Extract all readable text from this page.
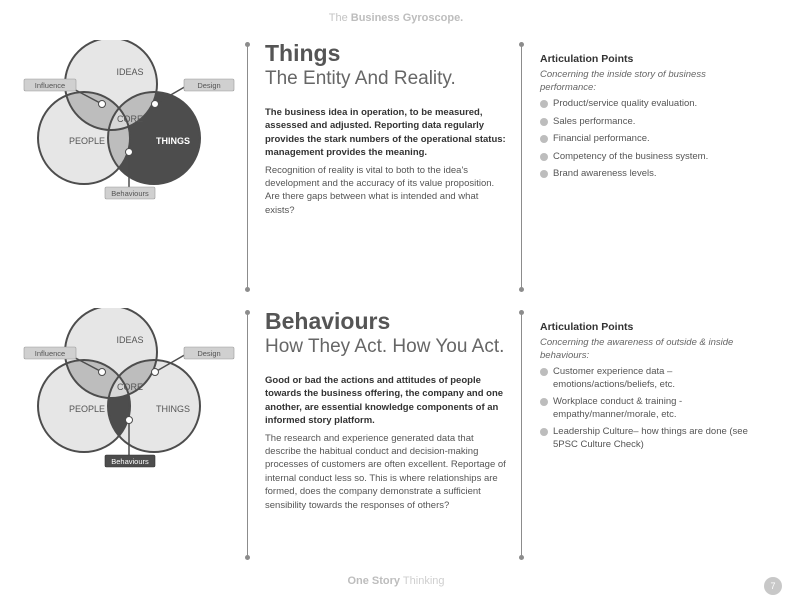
The Business Gyroscope.
IDEAS
CORE
PEOPLE	THINGS
Influence	Design
Behaviours
Things
The Entity And Reality.
The business idea in operation, to be measured, assessed and adjusted. Reporting data regularly provides the stark numbers of the operational status: management provides the meaning.
Recognition of reality is vital to both to the idea's development and the accuracy of its value proposition. Are there gaps between what is intended and what exists?
Articulation Points
Concerning the inside story of business performance:
Product/service quality evaluation.
Sales performance.
Financial performance.
Competency of the business system.
Brand awareness levels.
IDEAS
CORE
PEOPLE	THINGS
Influence	Design
Behaviours
Behaviours
How They Act. How You Act.
Good or bad the actions and attitudes of people towards the business offering, the company and one another, are essential knowledge components of an informed story platform.
The research and experience generated data that describe the habitual conduct and decision-making processes of customers are often excellent. Reportage of internal conduct less so. This is where relationships are formed, does the company demonstrate a sufficient sensibility towards the responses of others?
Articulation Points
Concerning the awareness of outside & inside behaviours:
Customer experience data – emotions/actions/beliefs, etc.
Workplace conduct & training - empathy/manner/morale, etc.
Leadership Culture– how things are done (see 5PSC Culture Check)
One Story Thinking	7
